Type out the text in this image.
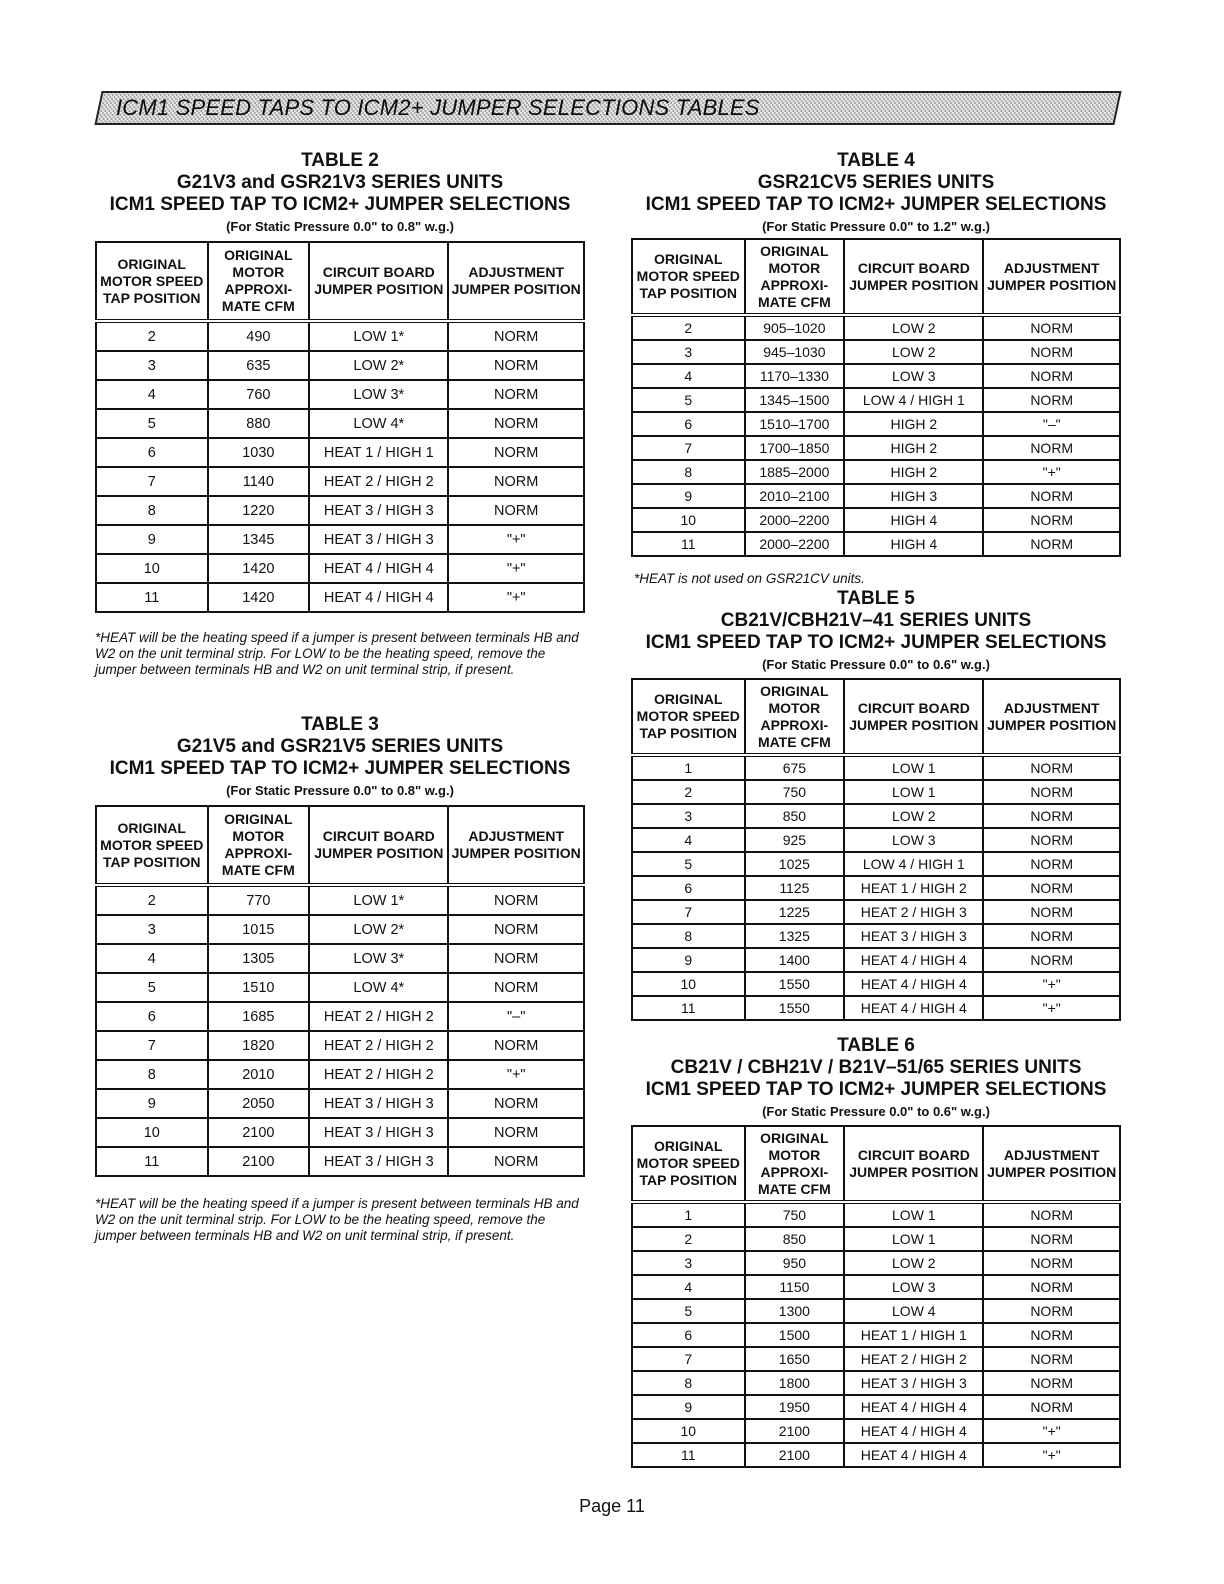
ICM1 SPEED TAPS TO ICM2+ JUMPER SELECTIONS TABLES

TABLE 2

G21V3 and GSR21V3 SERIES UNITS

ICM1 SPEED TAP TO ICM2+ JUMPER SELECTIONS

(For Static Pressure 0.0" to 0.8" w.g.)

ORIGINAL MOTOR SPEED TAP POSITION	ORIGINAL MOTOR APPROXI- MATE CFM	CIRCUIT BOARD JUMPER POSITION	ADJUSTMENT JUMPER POSITION
2	490	LOW 1*	NORM
3	635	LOW 2*	NORM
4	760	LOW 3*	NORM
5	880	LOW 4*	NORM
6	1030	HEAT 1 / HIGH 1	NORM
7	1140	HEAT 2 / HIGH 2	NORM
8	1220	HEAT 3 / HIGH 3	NORM
9	1345	HEAT 3 / HIGH 3	"+"
10	1420	HEAT 4 / HIGH 4	"+"
11	1420	HEAT 4 / HIGH 4	"+"

*HEAT will be the heating speed if a jumper is present between terminals HB and W2 on the unit terminal strip. For LOW to be the heating speed, remove the jumper between terminals HB and W2 on unit terminal strip, if present.

TABLE 3

G21V5 and GSR21V5 SERIES UNITS

ICM1 SPEED TAP TO ICM2+ JUMPER SELECTIONS

(For Static Pressure 0.0" to 0.8" w.g.)

ORIGINAL MOTOR SPEED TAP POSITION	ORIGINAL MOTOR APPROXI- MATE CFM	CIRCUIT BOARD JUMPER POSITION	ADJUSTMENT JUMPER POSITION
2	770	LOW 1*	NORM
3	1015	LOW 2*	NORM
4	1305	LOW 3*	NORM
5	1510	LOW 4*	NORM
6	1685	HEAT 2 / HIGH 2	"–"
7	1820	HEAT 2 / HIGH 2	NORM
8	2010	HEAT 2 / HIGH 2	"+"
9	2050	HEAT 3 / HIGH 3	NORM
10	2100	HEAT 3 / HIGH 3	NORM
11	2100	HEAT 3 / HIGH 3	NORM

*HEAT will be the heating speed if a jumper is present between terminals HB and W2 on the unit terminal strip. For LOW to be the heating speed, remove the jumper between terminals HB and W2 on unit terminal strip, if present.

TABLE 4

GSR21CV5 SERIES UNITS

ICM1 SPEED TAP TO ICM2+ JUMPER SELECTIONS

(For Static Pressure 0.0" to 1.2" w.g.)

ORIGINAL MOTOR SPEED TAP POSITION	ORIGINAL MOTOR APPROXI- MATE CFM	CIRCUIT BOARD JUMPER POSITION	ADJUSTMENT JUMPER POSITION
2	905–1020	LOW 2	NORM
3	945–1030	LOW 2	NORM
4	1170–1330	LOW 3	NORM
5	1345–1500	LOW 4 / HIGH 1	NORM
6	1510–1700	HIGH 2	"–"
7	1700–1850	HIGH 2	NORM
8	1885–2000	HIGH 2	"+"
9	2010–2100	HIGH 3	NORM
10	2000–2200	HIGH 4	NORM
11	2000–2200	HIGH 4	NORM

*HEAT is not used on GSR21CV units.

TABLE 5

CB21V/CBH21V–41 SERIES UNITS

ICM1 SPEED TAP TO ICM2+ JUMPER SELECTIONS

(For Static Pressure 0.0" to 0.6" w.g.)

ORIGINAL MOTOR SPEED TAP POSITION	ORIGINAL MOTOR APPROXI- MATE CFM	CIRCUIT BOARD JUMPER POSITION	ADJUSTMENT JUMPER POSITION
1	675	LOW 1	NORM
2	750	LOW 1	NORM
3	850	LOW 2	NORM
4	925	LOW 3	NORM
5	1025	LOW 4 / HIGH 1	NORM
6	1125	HEAT 1 / HIGH 2	NORM
7	1225	HEAT 2 / HIGH 3	NORM
8	1325	HEAT 3 / HIGH 3	NORM
9	1400	HEAT 4 / HIGH 4	NORM
10	1550	HEAT 4 / HIGH 4	"+"
11	1550	HEAT 4 / HIGH 4	"+"

TABLE 6

CB21V / CBH21V / B21V–51/65 SERIES UNITS

ICM1 SPEED TAP TO ICM2+ JUMPER SELECTIONS

(For Static Pressure 0.0" to 0.6" w.g.)

ORIGINAL MOTOR SPEED TAP POSITION	ORIGINAL MOTOR APPROXI- MATE CFM	CIRCUIT BOARD JUMPER POSITION	ADJUSTMENT JUMPER POSITION
1	750	LOW 1	NORM
2	850	LOW 1	NORM
3	950	LOW 2	NORM
4	1150	LOW 3	NORM
5	1300	LOW 4	NORM
6	1500	HEAT 1 / HIGH 1	NORM
7	1650	HEAT 2 / HIGH 2	NORM
8	1800	HEAT 3 / HIGH 3	NORM
9	1950	HEAT 4 / HIGH 4	NORM
10	2100	HEAT 4 / HIGH 4	"+"
11	2100	HEAT 4 / HIGH 4	"+"
Page 11
